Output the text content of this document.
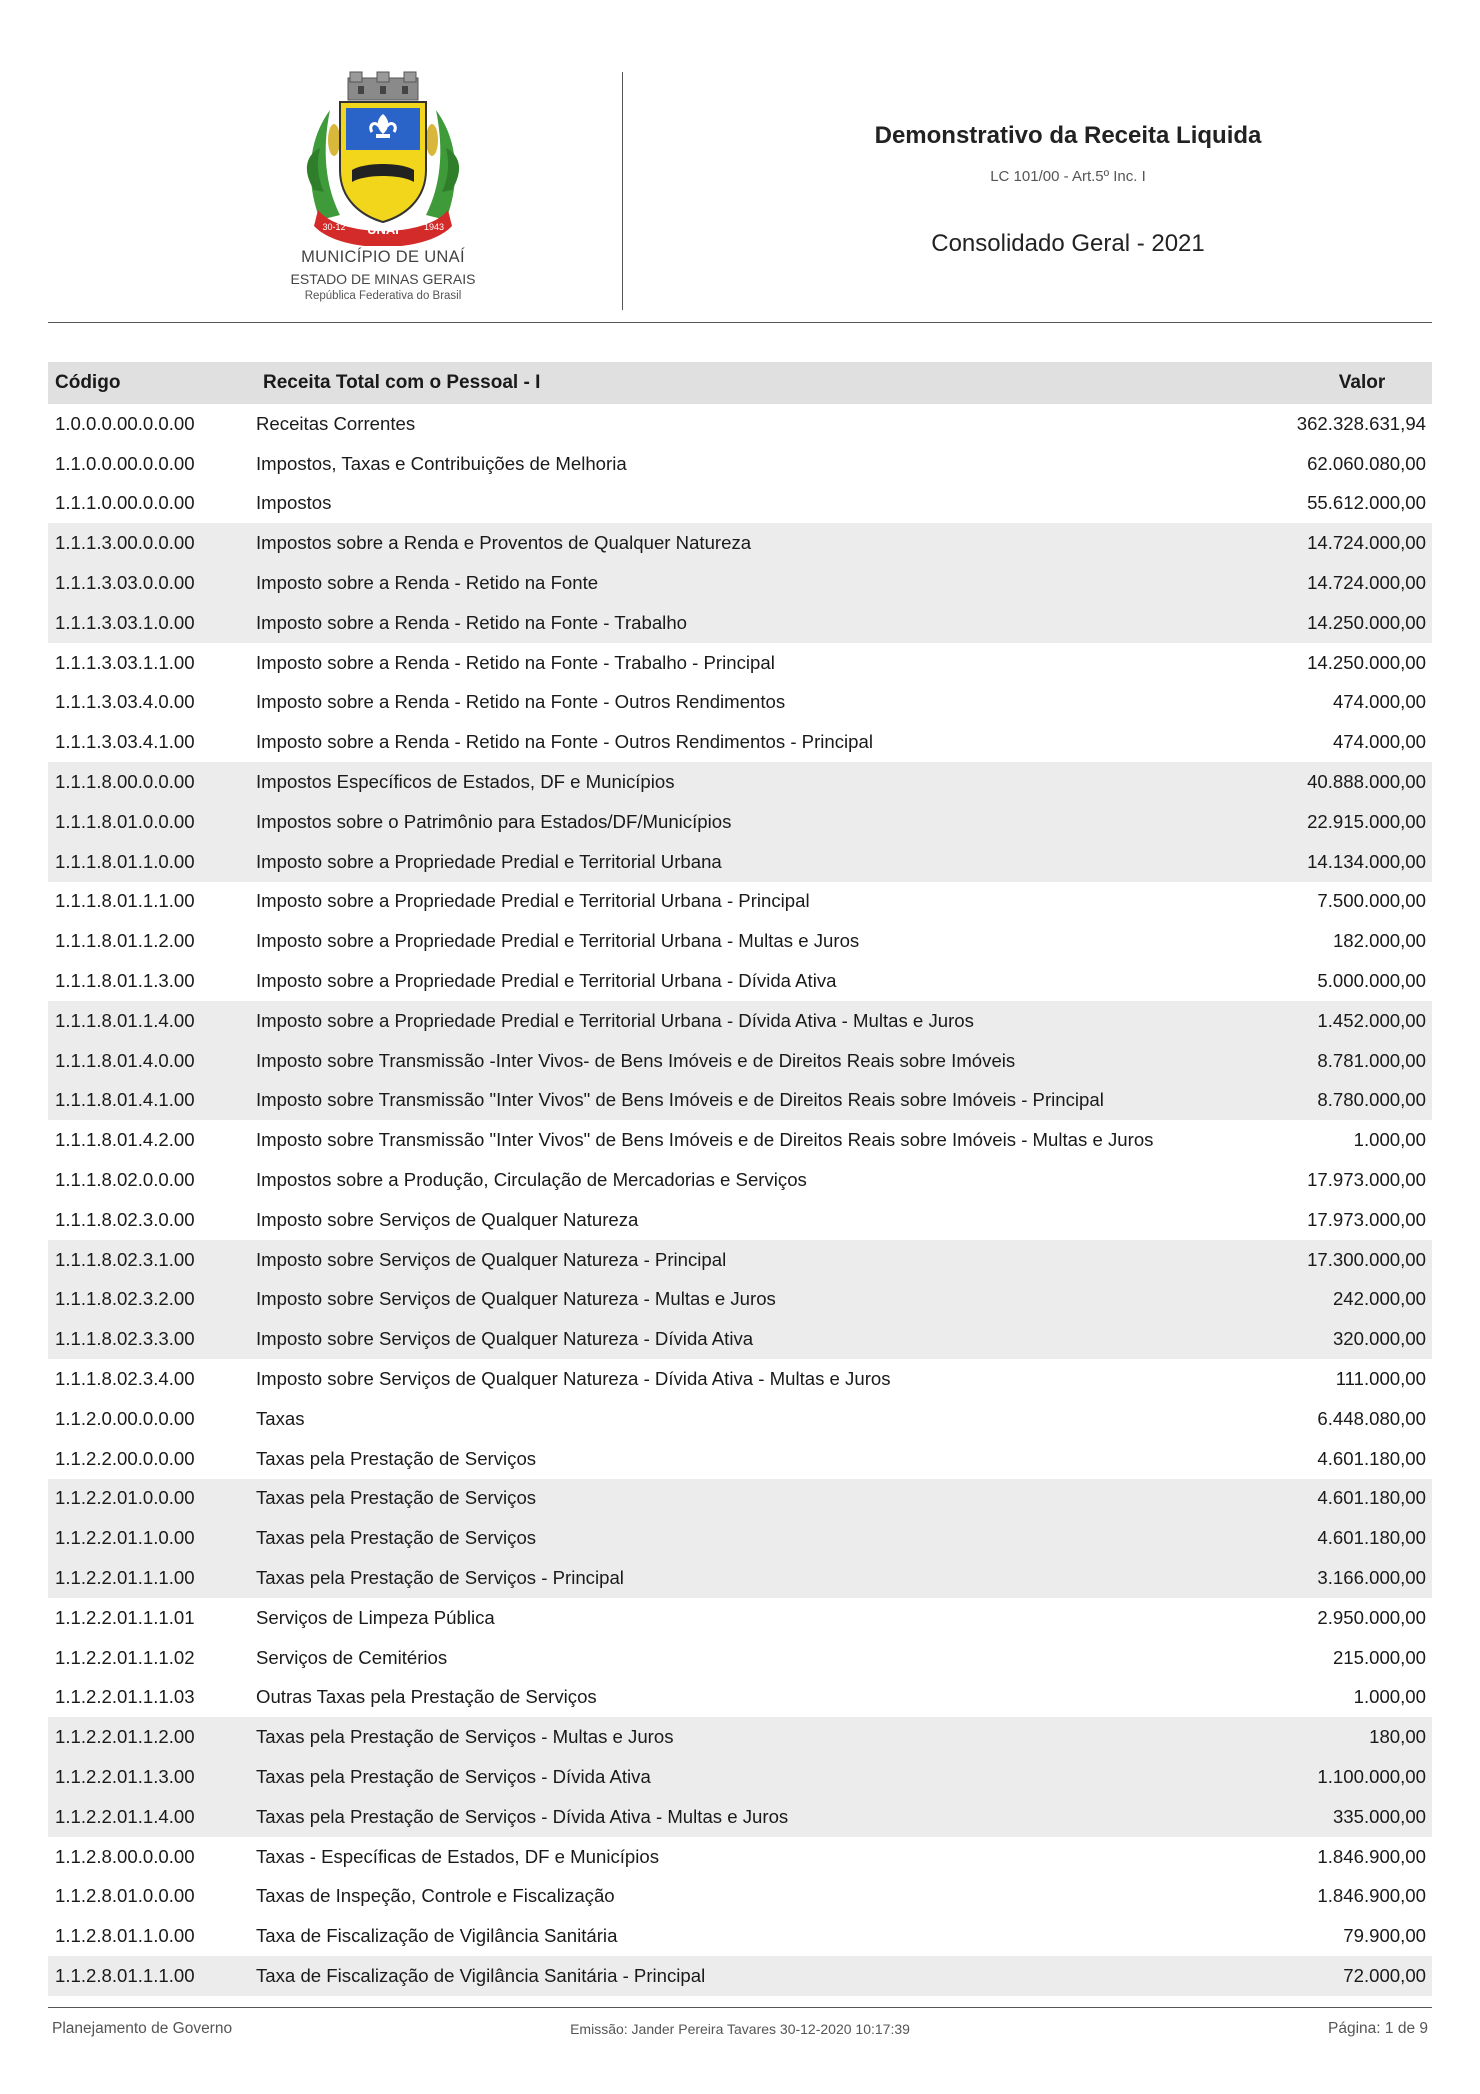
UNAÍ
30-12	1943
MUNICÍPIO DE UNAÍ
ESTADO DE MINAS GERAIS
República Federativa do Brasil
Demonstrativo da Receita Liquida
LC 101/00 - Art.5º Inc. I
Consolidado Geral - 2021
Código	Receita Total com o Pessoal - I	Valor
1.0.0.0.00.0.0.00	Receitas Correntes	362.328.631,94
1.1.0.0.00.0.0.00	Impostos, Taxas e Contribuições de Melhoria	62.060.080,00
1.1.1.0.00.0.0.00	Impostos	55.612.000,00
1.1.1.3.00.0.0.00	Impostos sobre a Renda e Proventos de Qualquer Natureza	14.724.000,00
1.1.1.3.03.0.0.00	Imposto sobre a Renda - Retido na Fonte	14.724.000,00
1.1.1.3.03.1.0.00	Imposto sobre a Renda - Retido na Fonte - Trabalho	14.250.000,00
1.1.1.3.03.1.1.00	Imposto sobre a Renda - Retido na Fonte - Trabalho - Principal	14.250.000,00
1.1.1.3.03.4.0.00	Imposto sobre a Renda - Retido na Fonte - Outros Rendimentos	474.000,00
1.1.1.3.03.4.1.00	Imposto sobre a Renda - Retido na Fonte - Outros Rendimentos - Principal	474.000,00
1.1.1.8.00.0.0.00	Impostos Específicos de Estados, DF e Municípios	40.888.000,00
1.1.1.8.01.0.0.00	Impostos sobre o Patrimônio para Estados/DF/Municípios	22.915.000,00
1.1.1.8.01.1.0.00	Imposto sobre a Propriedade Predial e Territorial Urbana	14.134.000,00
1.1.1.8.01.1.1.00	Imposto sobre a Propriedade Predial e Territorial Urbana - Principal	7.500.000,00
1.1.1.8.01.1.2.00	Imposto sobre a Propriedade Predial e Territorial Urbana - Multas e Juros	182.000,00
1.1.1.8.01.1.3.00	Imposto sobre a Propriedade Predial e Territorial Urbana - Dívida Ativa	5.000.000,00
1.1.1.8.01.1.4.00	Imposto sobre a Propriedade Predial e Territorial Urbana - Dívida Ativa - Multas e Juros	1.452.000,00
1.1.1.8.01.4.0.00	Imposto sobre Transmissão -Inter Vivos- de Bens Imóveis e de Direitos Reais sobre Imóveis	8.781.000,00
1.1.1.8.01.4.1.00	Imposto sobre Transmissão "Inter Vivos" de Bens Imóveis e de Direitos Reais sobre Imóveis - Principal	8.780.000,00
1.1.1.8.01.4.2.00	Imposto sobre Transmissão "Inter Vivos" de Bens Imóveis e de Direitos Reais sobre Imóveis - Multas e Juros	1.000,00
1.1.1.8.02.0.0.00	Impostos sobre a Produção, Circulação de Mercadorias e Serviços	17.973.000,00
1.1.1.8.02.3.0.00	Imposto sobre Serviços de Qualquer Natureza	17.973.000,00
1.1.1.8.02.3.1.00	Imposto sobre Serviços de Qualquer Natureza - Principal	17.300.000,00
1.1.1.8.02.3.2.00	Imposto sobre Serviços de Qualquer Natureza - Multas e Juros	242.000,00
1.1.1.8.02.3.3.00	Imposto sobre Serviços de Qualquer Natureza - Dívida Ativa	320.000,00
1.1.1.8.02.3.4.00	Imposto sobre Serviços de Qualquer Natureza - Dívida Ativa - Multas e Juros	111.000,00
1.1.2.0.00.0.0.00	Taxas	6.448.080,00
1.1.2.2.00.0.0.00	Taxas pela Prestação de Serviços	4.601.180,00
1.1.2.2.01.0.0.00	Taxas pela Prestação de Serviços	4.601.180,00
1.1.2.2.01.1.0.00	Taxas pela Prestação de Serviços	4.601.180,00
1.1.2.2.01.1.1.00	Taxas pela Prestação de Serviços - Principal	3.166.000,00
1.1.2.2.01.1.1.01	Serviços de Limpeza Pública	2.950.000,00
1.1.2.2.01.1.1.02	Serviços de Cemitérios	215.000,00
1.1.2.2.01.1.1.03	Outras Taxas pela Prestação de Serviços	1.000,00
1.1.2.2.01.1.2.00	Taxas pela Prestação de Serviços - Multas e Juros	180,00
1.1.2.2.01.1.3.00	Taxas pela Prestação de Serviços - Dívida Ativa	1.100.000,00
1.1.2.2.01.1.4.00	Taxas pela Prestação de Serviços - Dívida Ativa - Multas e Juros	335.000,00
1.1.2.8.00.0.0.00	Taxas - Específicas de Estados, DF e Municípios	1.846.900,00
1.1.2.8.01.0.0.00	Taxas de Inspeção, Controle e Fiscalização	1.846.900,00
1.1.2.8.01.1.0.00	Taxa de Fiscalização de Vigilância Sanitária	79.900,00
1.1.2.8.01.1.1.00	Taxa de Fiscalização de Vigilância Sanitária - Principal	72.000,00
Planejamento de Governo	Emissão: Jander Pereira Tavares 30-12-2020 10:17:39	Página: 1 de 9
